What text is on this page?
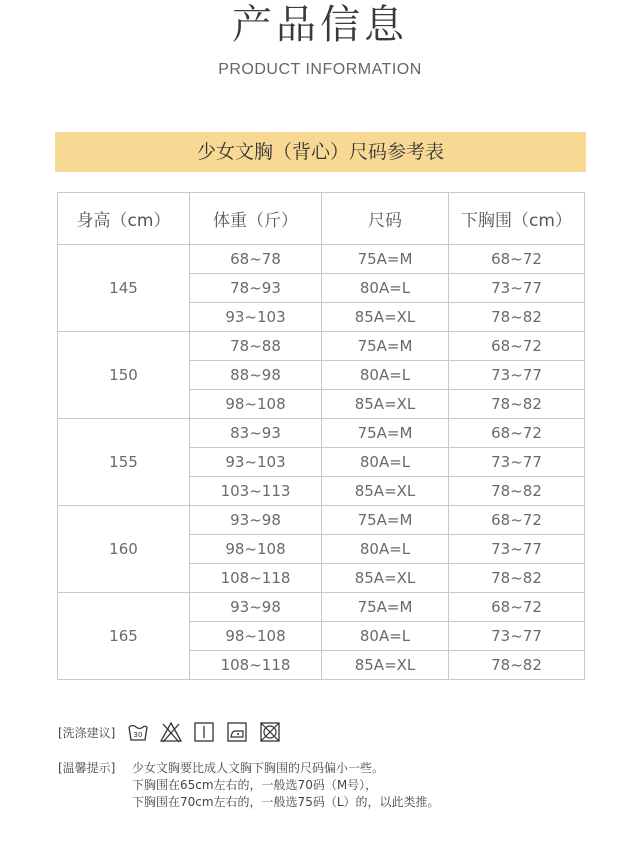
产品信息
PRODUCT INFORMATION
少女文胸（背心）尺码参考表
身高（cm）	体重（斤）	尺码	下胸围（cm）
145	68~78	75A=M	68~72
	78~93	80A=L	73~77
	93~103	85A=XL	78~82
150	78~88	75A=M	68~72
	88~98	80A=L	73~77
	98~108	85A=XL	78~82
155	83~93	75A=M	68~72
	93~103	80A=L	73~77
	103~113	85A=XL	78~82
160	93~98	75A=M	68~72
	98~108	80A=L	73~77
	108~118	85A=XL	78~82
165	93~98	75A=M	68~72
	98~108	80A=L	73~77
	108~118	85A=XL	78~82
[洗涤建议]	30
[温馨提示] 少女文胸要比成人文胸下胸围的尺码偏小一些。
下胸围在65cm左右的，一般选70码（M号），
下胸围在70cm左右的，一般选75码（L）的，以此类推。
